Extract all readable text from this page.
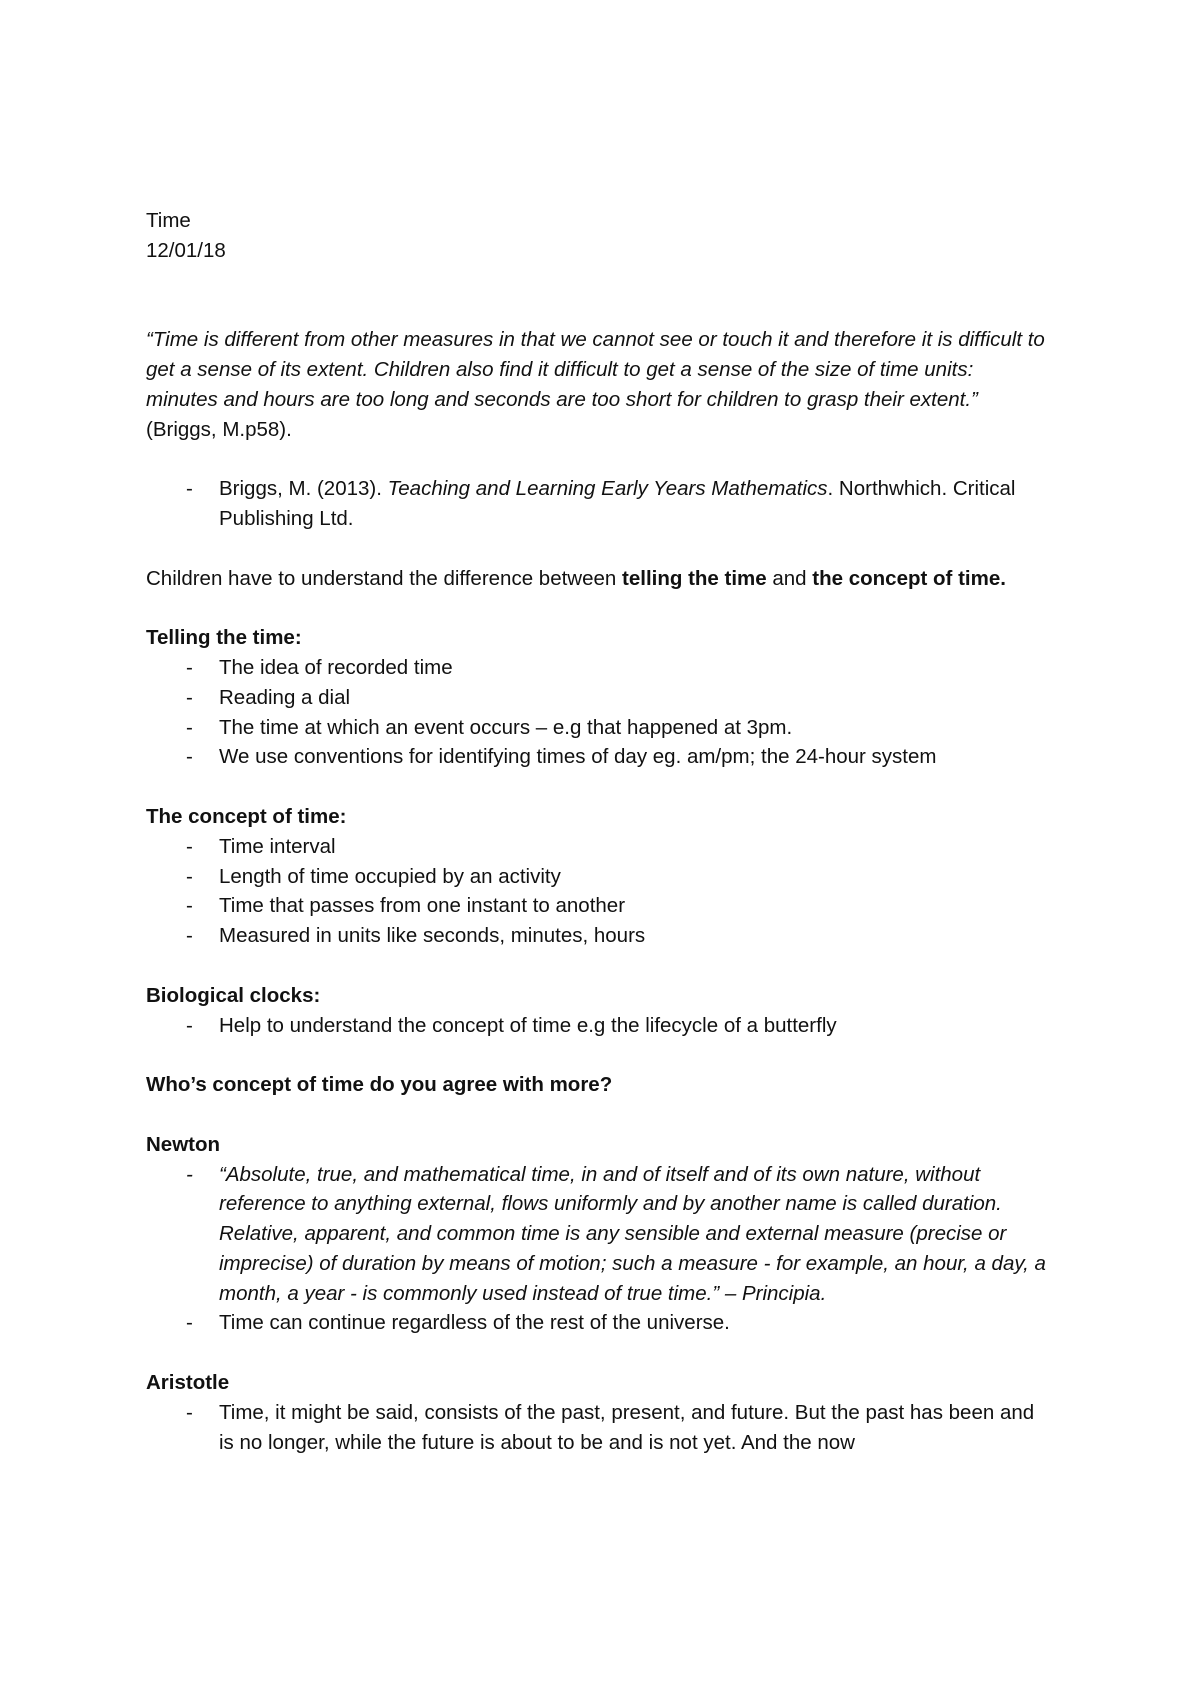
Time
12/01/18

“Time is different from other measures in that we cannot see or touch it and therefore it is difficult to get a sense of its extent. Children also find it difficult to get a sense of the size of time units: minutes and hours are too long and seconds are too short for children to grasp their extent.” (Briggs, M.p58).

- Briggs, M. (2013). Teaching and Learning Early Years Mathematics. Northwhich. Critical Publishing Ltd.

Children have to understand the difference between telling the time and the concept of time.

Telling the time:
- The idea of recorded time
- Reading a dial
- The time at which an event occurs – e.g that happened at 3pm.
- We use conventions for identifying times of day eg. am/pm; the 24-hour system
The concept of time:
- Time interval
- Length of time occupied by an activity
- Time that passes from one instant to another
- Measured in units like seconds, minutes, hours
Biological clocks:
- Help to understand the concept of time e.g the lifecycle of a butterfly
Who’s concept of time do you agree with more?
Newton
- “Absolute, true, and mathematical time, in and of itself and of its own nature, without reference to anything external, flows uniformly and by another name is called duration. Relative, apparent, and common time is any sensible and external measure (precise or imprecise) of duration by means of motion; such a measure - for example, an hour, a day, a month, a year - is commonly used instead of true time.” – Principia.
- Time can continue regardless of the rest of the universe.
Aristotle
- Time, it might be said, consists of the past, present, and future. But the past has been and is no longer, while the future is about to be and is not yet. And the now
